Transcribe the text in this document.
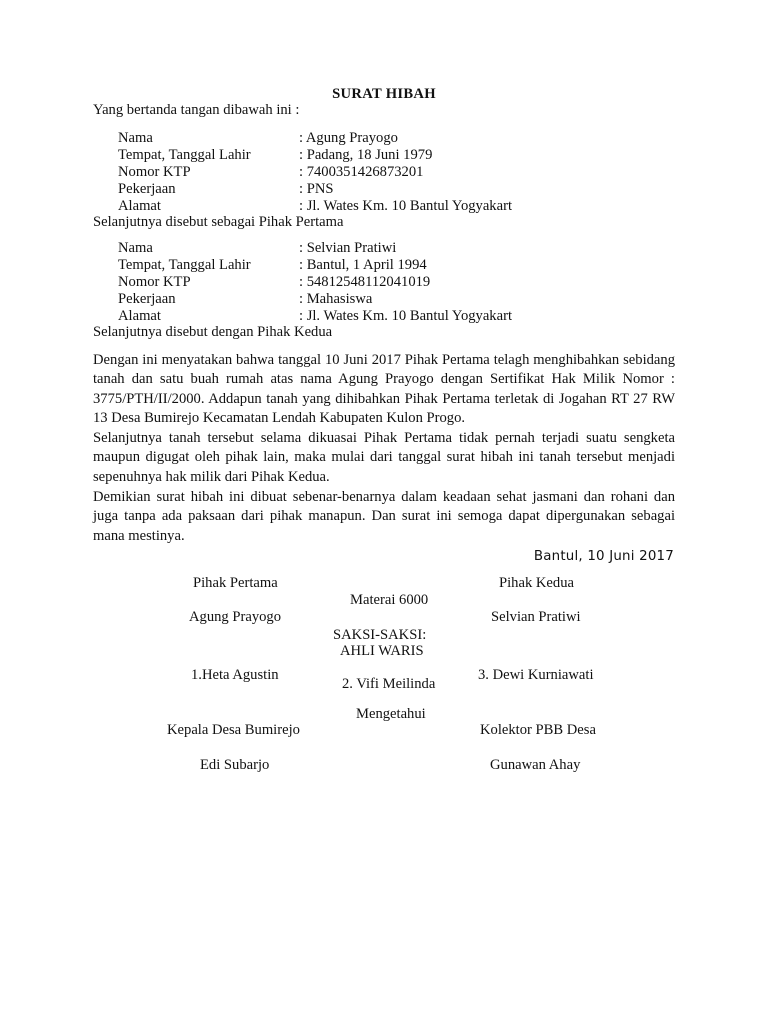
SURAT HIBAH
Yang bertanda tangan dibawah ini :
Nama	: Agung Prayogo
Tempat, Tanggal Lahir	: Padang, 18 Juni 1979
Nomor KTP	: 7400351426873201
Pekerjaan	: PNS
Alamat	: Jl. Wates Km. 10 Bantul Yogyakart
Selanjutnya disebut sebagai Pihak Pertama
Nama	: Selvian Pratiwi
Tempat, Tanggal Lahir	: Bantul, 1 April 1994
Nomor KTP	: 54812548112041019
Pekerjaan	: Mahasiswa
Alamat	: Jl. Wates Km. 10 Bantul Yogyakart
Selanjutnya disebut dengan Pihak Kedua

Dengan ini menyatakan bahwa tanggal 10 Juni 2017 Pihak Pertama telagh menghibahkan sebidang tanah dan satu buah rumah atas nama Agung Prayogo dengan Sertifikat Hak Milik Nomor : 3775/PTH/II/2000. Addapun tanah yang dihibahkan Pihak Pertama terletak di Jogahan RT 27 RW 13 Desa Bumirejo Kecamatan Lendah Kabupaten Kulon Progo.

Selanjutnya tanah tersebut selama dikuasai Pihak Pertama tidak pernah terjadi suatu sengketa maupun digugat oleh pihak lain, maka mulai dari tanggal surat hibah ini tanah tersebut menjadi sepenuhnya hak milik dari Pihak Kedua.

Demikian surat hibah ini dibuat sebenar-benarnya dalam keadaan sehat jasmani dan rohani dan juga tanpa ada paksaan dari pihak manapun. Dan surat ini semoga dapat dipergunakan sebagai mana mestinya.

Bantul, 10 Juni 2017
Pihak Pertama	Pihak Kedua
Materai 6000
Agung Prayogo	Selvian Pratiwi
SAKSI-SAKSI:
AHLI WARIS
1.Heta Agustin
2. Vifi Meilinda
3. Dewi Kurniawati
Mengetahui
Kepala Desa Bumirejo	Kolektor PBB Desa
Edi Subarjo	Gunawan Ahay
